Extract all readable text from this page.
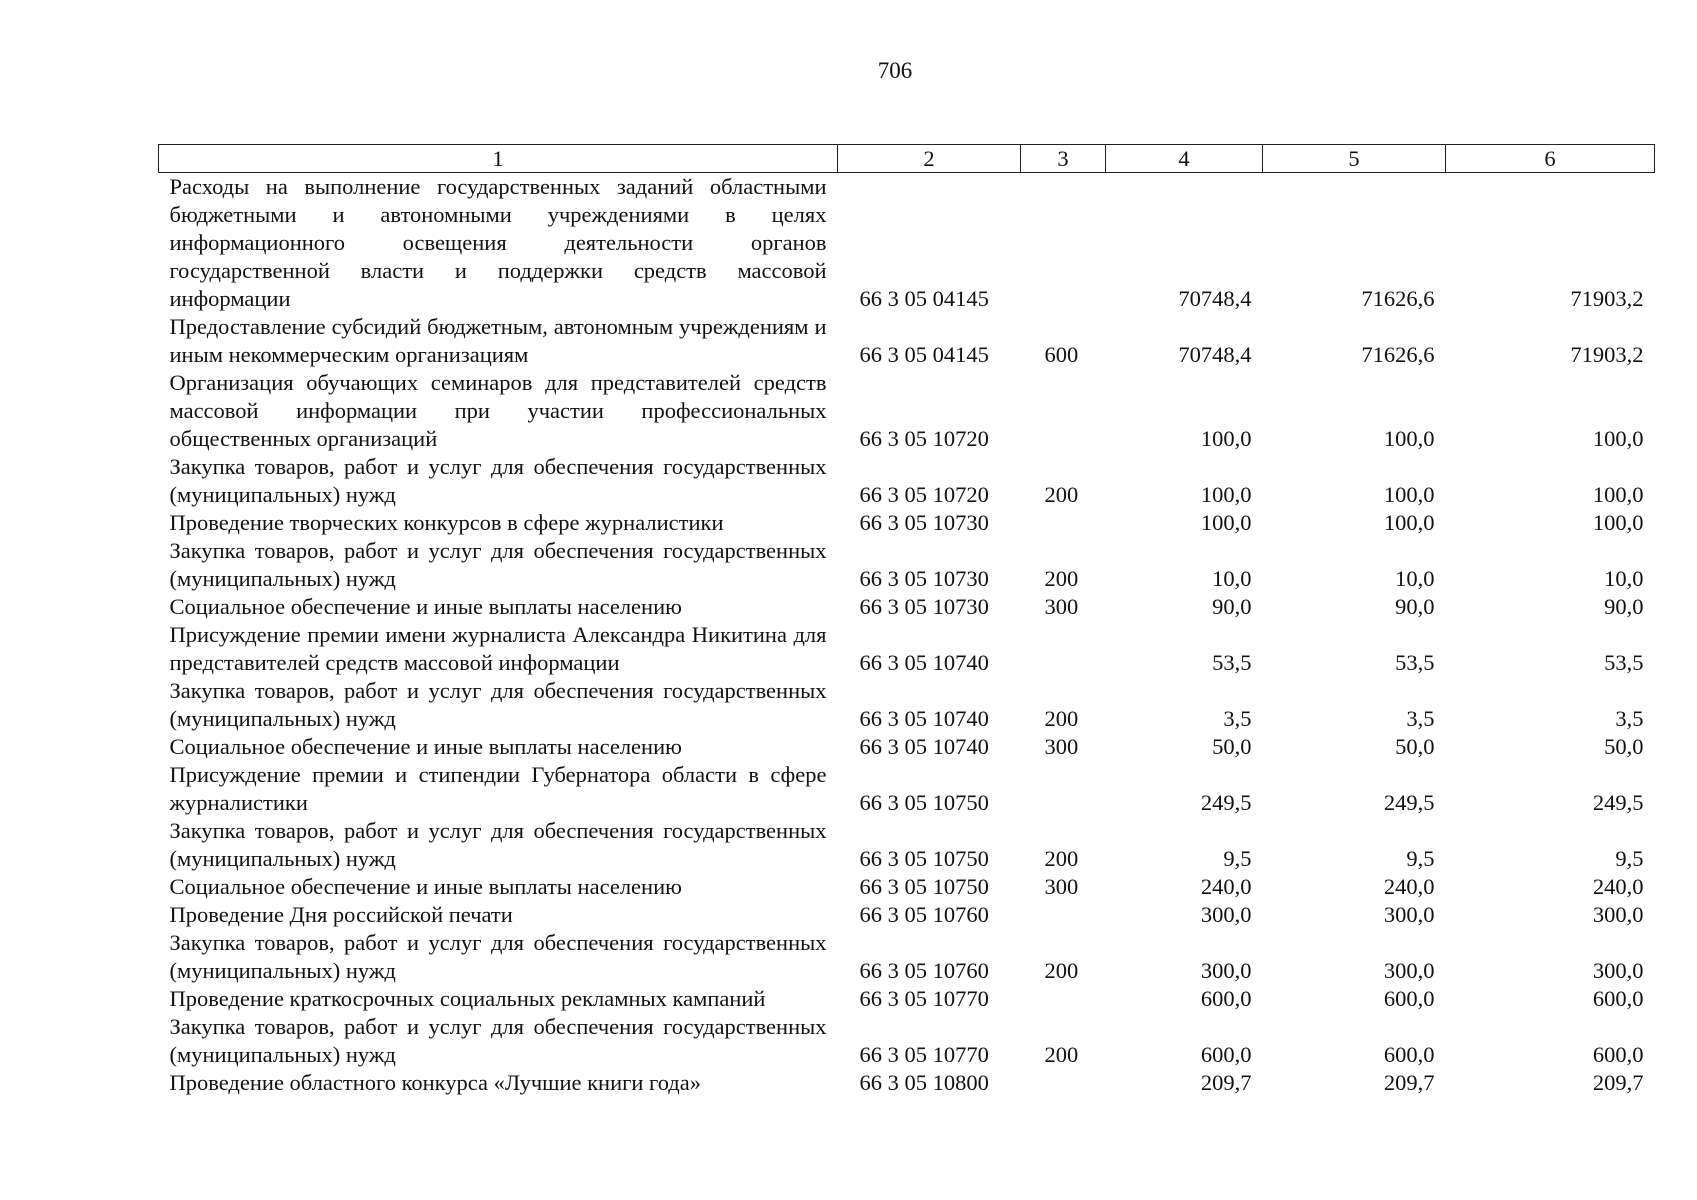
706
1	2	3	4	5	6
Расходы на выполнение государственных заданий областными бюджетными и автономными учреждениями в целях информационного освещения деятельности органов государственной власти и поддержки средств массовой информации	66 3 05 04145		70748,4	71626,6	71903,2
Предоставление субсидий бюджетным, автономным учреждениям и иным некоммерческим организациям	66 3 05 04145	600	70748,4	71626,6	71903,2
Организация обучающих семинаров для представителей средств массовой информации при участии профессиональных общественных организаций	66 3 05 10720		100,0	100,0	100,0
Закупка товаров, работ и услуг для обеспечения государственных (муниципальных) нужд	66 3 05 10720	200	100,0	100,0	100,0
Проведение творческих конкурсов в сфере журналистики	66 3 05 10730		100,0	100,0	100,0
Закупка товаров, работ и услуг для обеспечения государственных (муниципальных) нужд	66 3 05 10730	200	10,0	10,0	10,0
Социальное обеспечение и иные выплаты населению	66 3 05 10730	300	90,0	90,0	90,0
Присуждение премии имени журналиста Александра Никитина для представителей средств массовой информации	66 3 05 10740		53,5	53,5	53,5
Закупка товаров, работ и услуг для обеспечения государственных (муниципальных) нужд	66 3 05 10740	200	3,5	3,5	3,5
Социальное обеспечение и иные выплаты населению	66 3 05 10740	300	50,0	50,0	50,0
Присуждение премии и стипендии Губернатора области в сфере журналистики	66 3 05 10750		249,5	249,5	249,5
Закупка товаров, работ и услуг для обеспечения государственных (муниципальных) нужд	66 3 05 10750	200	9,5	9,5	9,5
Социальное обеспечение и иные выплаты населению	66 3 05 10750	300	240,0	240,0	240,0
Проведение Дня российской печати	66 3 05 10760		300,0	300,0	300,0
Закупка товаров, работ и услуг для обеспечения государственных (муниципальных) нужд	66 3 05 10760	200	300,0	300,0	300,0
Проведение краткосрочных социальных рекламных кампаний	66 3 05 10770		600,0	600,0	600,0
Закупка товаров, работ и услуг для обеспечения государственных (муниципальных) нужд	66 3 05 10770	200	600,0	600,0	600,0
Проведение областного конкурса «Лучшие книги года»	66 3 05 10800		209,7	209,7	209,7
